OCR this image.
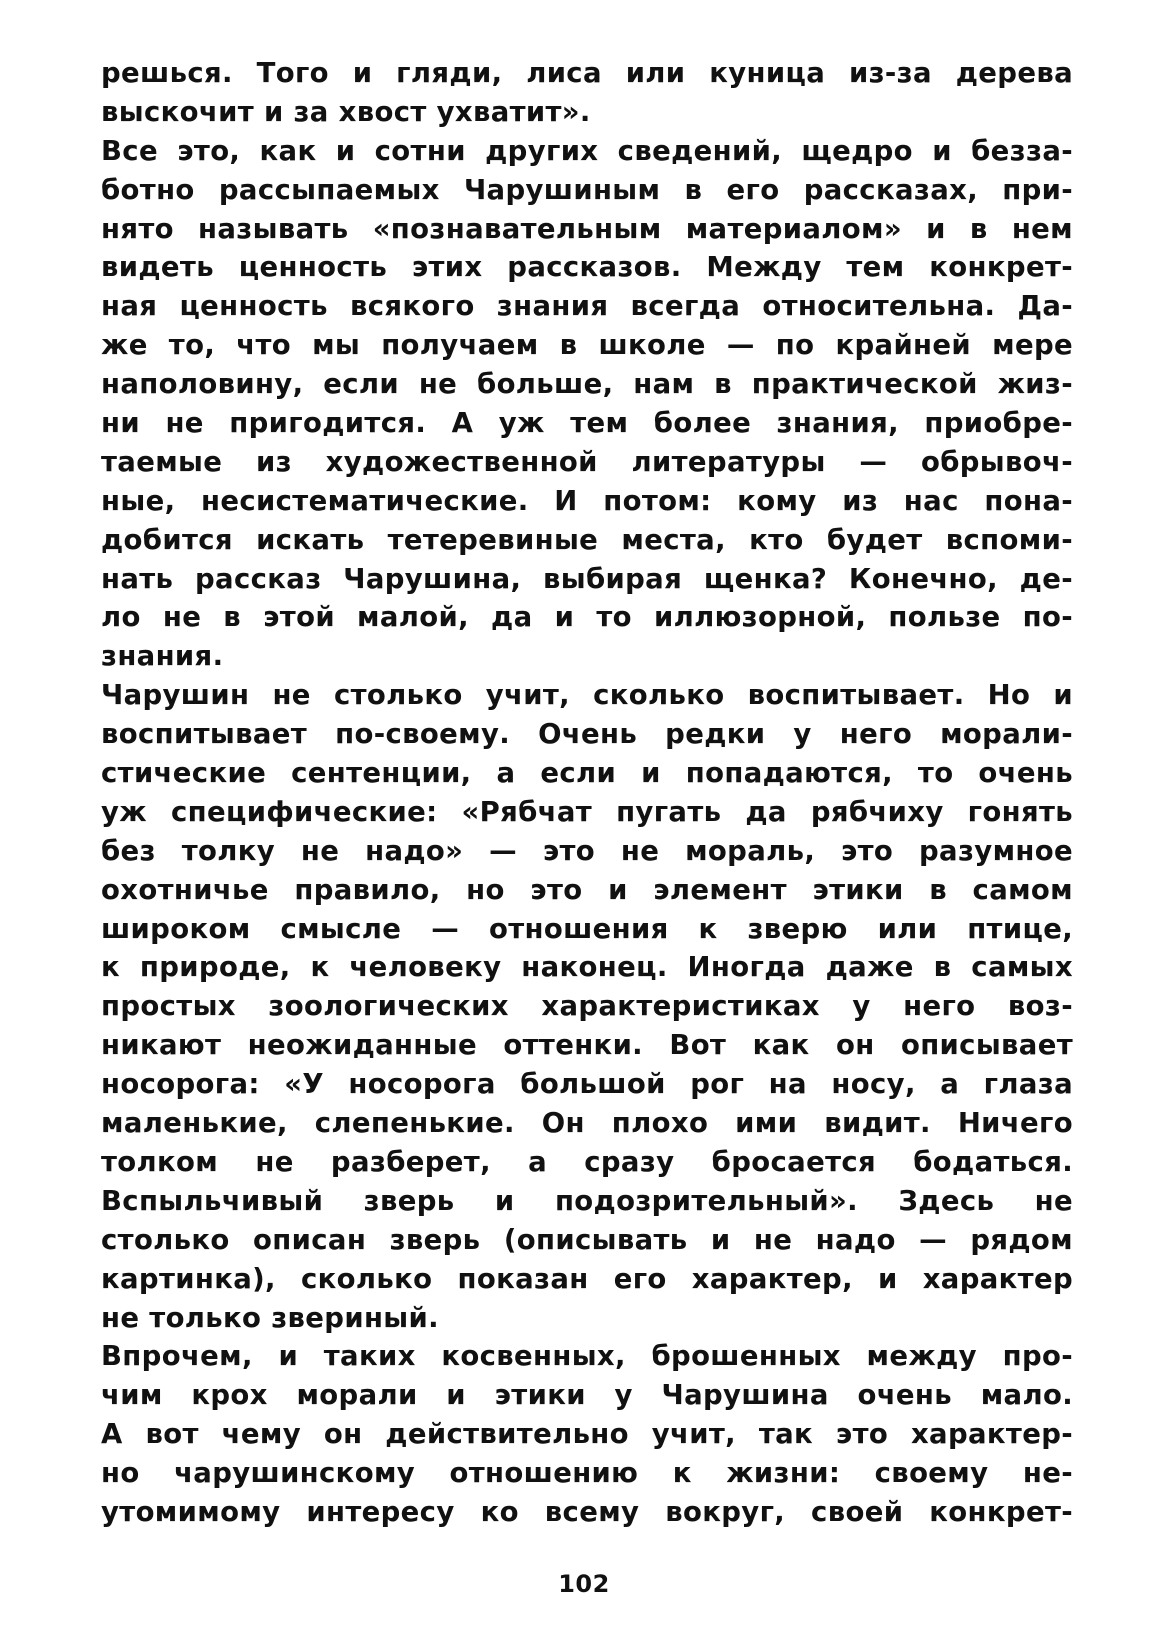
решься. Того и гляди, лиса или куница из-за дерева
выскочит и за хвост ухватит».
Все это, как и сотни других сведений, щедро и безза-
ботно рассыпаемых Чарушиным в его рассказах, при-
нято называть «познавательным материалом» и в нем
видеть ценность этих рассказов. Между тем конкрет-
ная ценность всякого знания всегда относительна. Да-
же то, что мы получаем в школе — по крайней мере
наполовину, если не больше, нам в практической жиз-
ни не пригодится. А уж тем более знания, приобре-
таемые из художественной литературы — обрывоч-
ные, несистематические. И потом: кому из нас пона-
добится искать тетеревиные места, кто будет вспоми-
нать рассказ Чарушина, выбирая щенка? Конечно, де-
ло не в этой малой, да и то иллюзорной, пользе по-
знания.
Чарушин не столько учит, сколько воспитывает. Но и
воспитывает по-своему. Очень редки у него морали-
стические сентенции, а если и попадаются, то очень
уж специфические: «Рябчат пугать да рябчиху гонять
без толку не надо» — это не мораль, это разумное
охотничье правило, но это и элемент этики в самом
широком смысле — отношения к зверю или птице,
к природе, к человеку наконец. Иногда даже в самых
простых зоологических характеристиках у него воз-
никают неожиданные оттенки. Вот как он описывает
носорога: «У носорога большой рог на носу, а глаза
маленькие, слепенькие. Он плохо ими видит. Ничего
толком не разберет, а сразу бросается бодаться.
Вспыльчивый зверь и подозрительный». Здесь не
столько описан зверь (описывать и не надо — рядом
картинка), сколько показан его характер, и характер
не только звериный.
Впрочем, и таких косвенных, брошенных между про-
чим крох морали и этики у Чарушина очень мало.
А вот чему он действительно учит, так это характер-
но чарушинскому отношению к жизни: своему не-
утомимому интересу ко всему вокруг, своей конкрет-
102
